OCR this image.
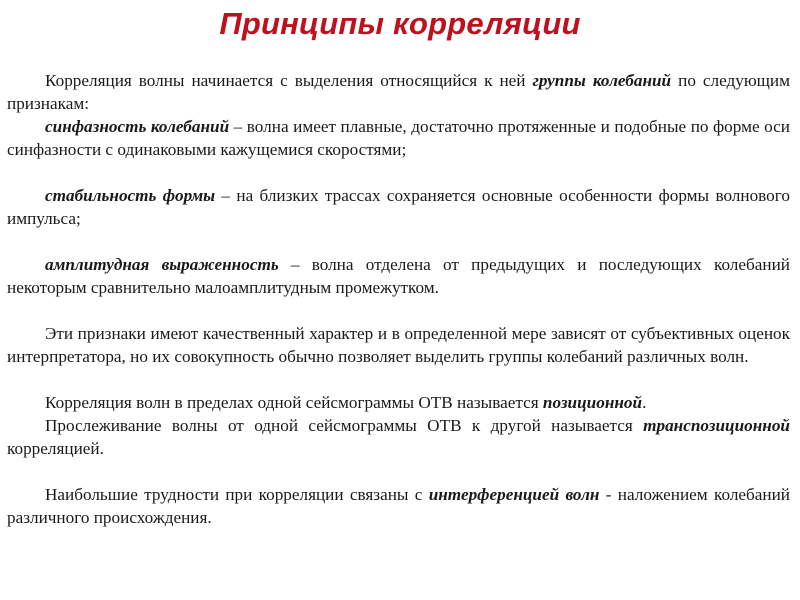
Принципы корреляции

Корреляция волны начинается с выделения относящийся к ней группы колебаний по следующим признакам:

синфазность колебаний – волна имеет плавные, достаточно протяженные и подобные по форме оси синфазности с одинаковыми кажущемися скоростями;

стабильность формы – на близких трассах сохраняется основные особенности формы волнового импульса;

амплитудная выраженность – волна отделена от предыдущих и последующих колебаний некоторым сравнительно малоамплитудным промежутком.

Эти признаки имеют качественный характер и в определенной мере зависят от субъективных оценок интерпретатора, но их совокупность обычно позволяет выделить группы колебаний различных волн.

Корреляция волн в пределах одной сейсмограммы ОТВ называется позиционной.

Прослеживание волны от одной сейсмограммы ОТВ к другой называется транспозиционной корреляцией.

Наибольшие трудности при корреляции связаны с интерференцией волн - наложением колебаний различного происхождения.
